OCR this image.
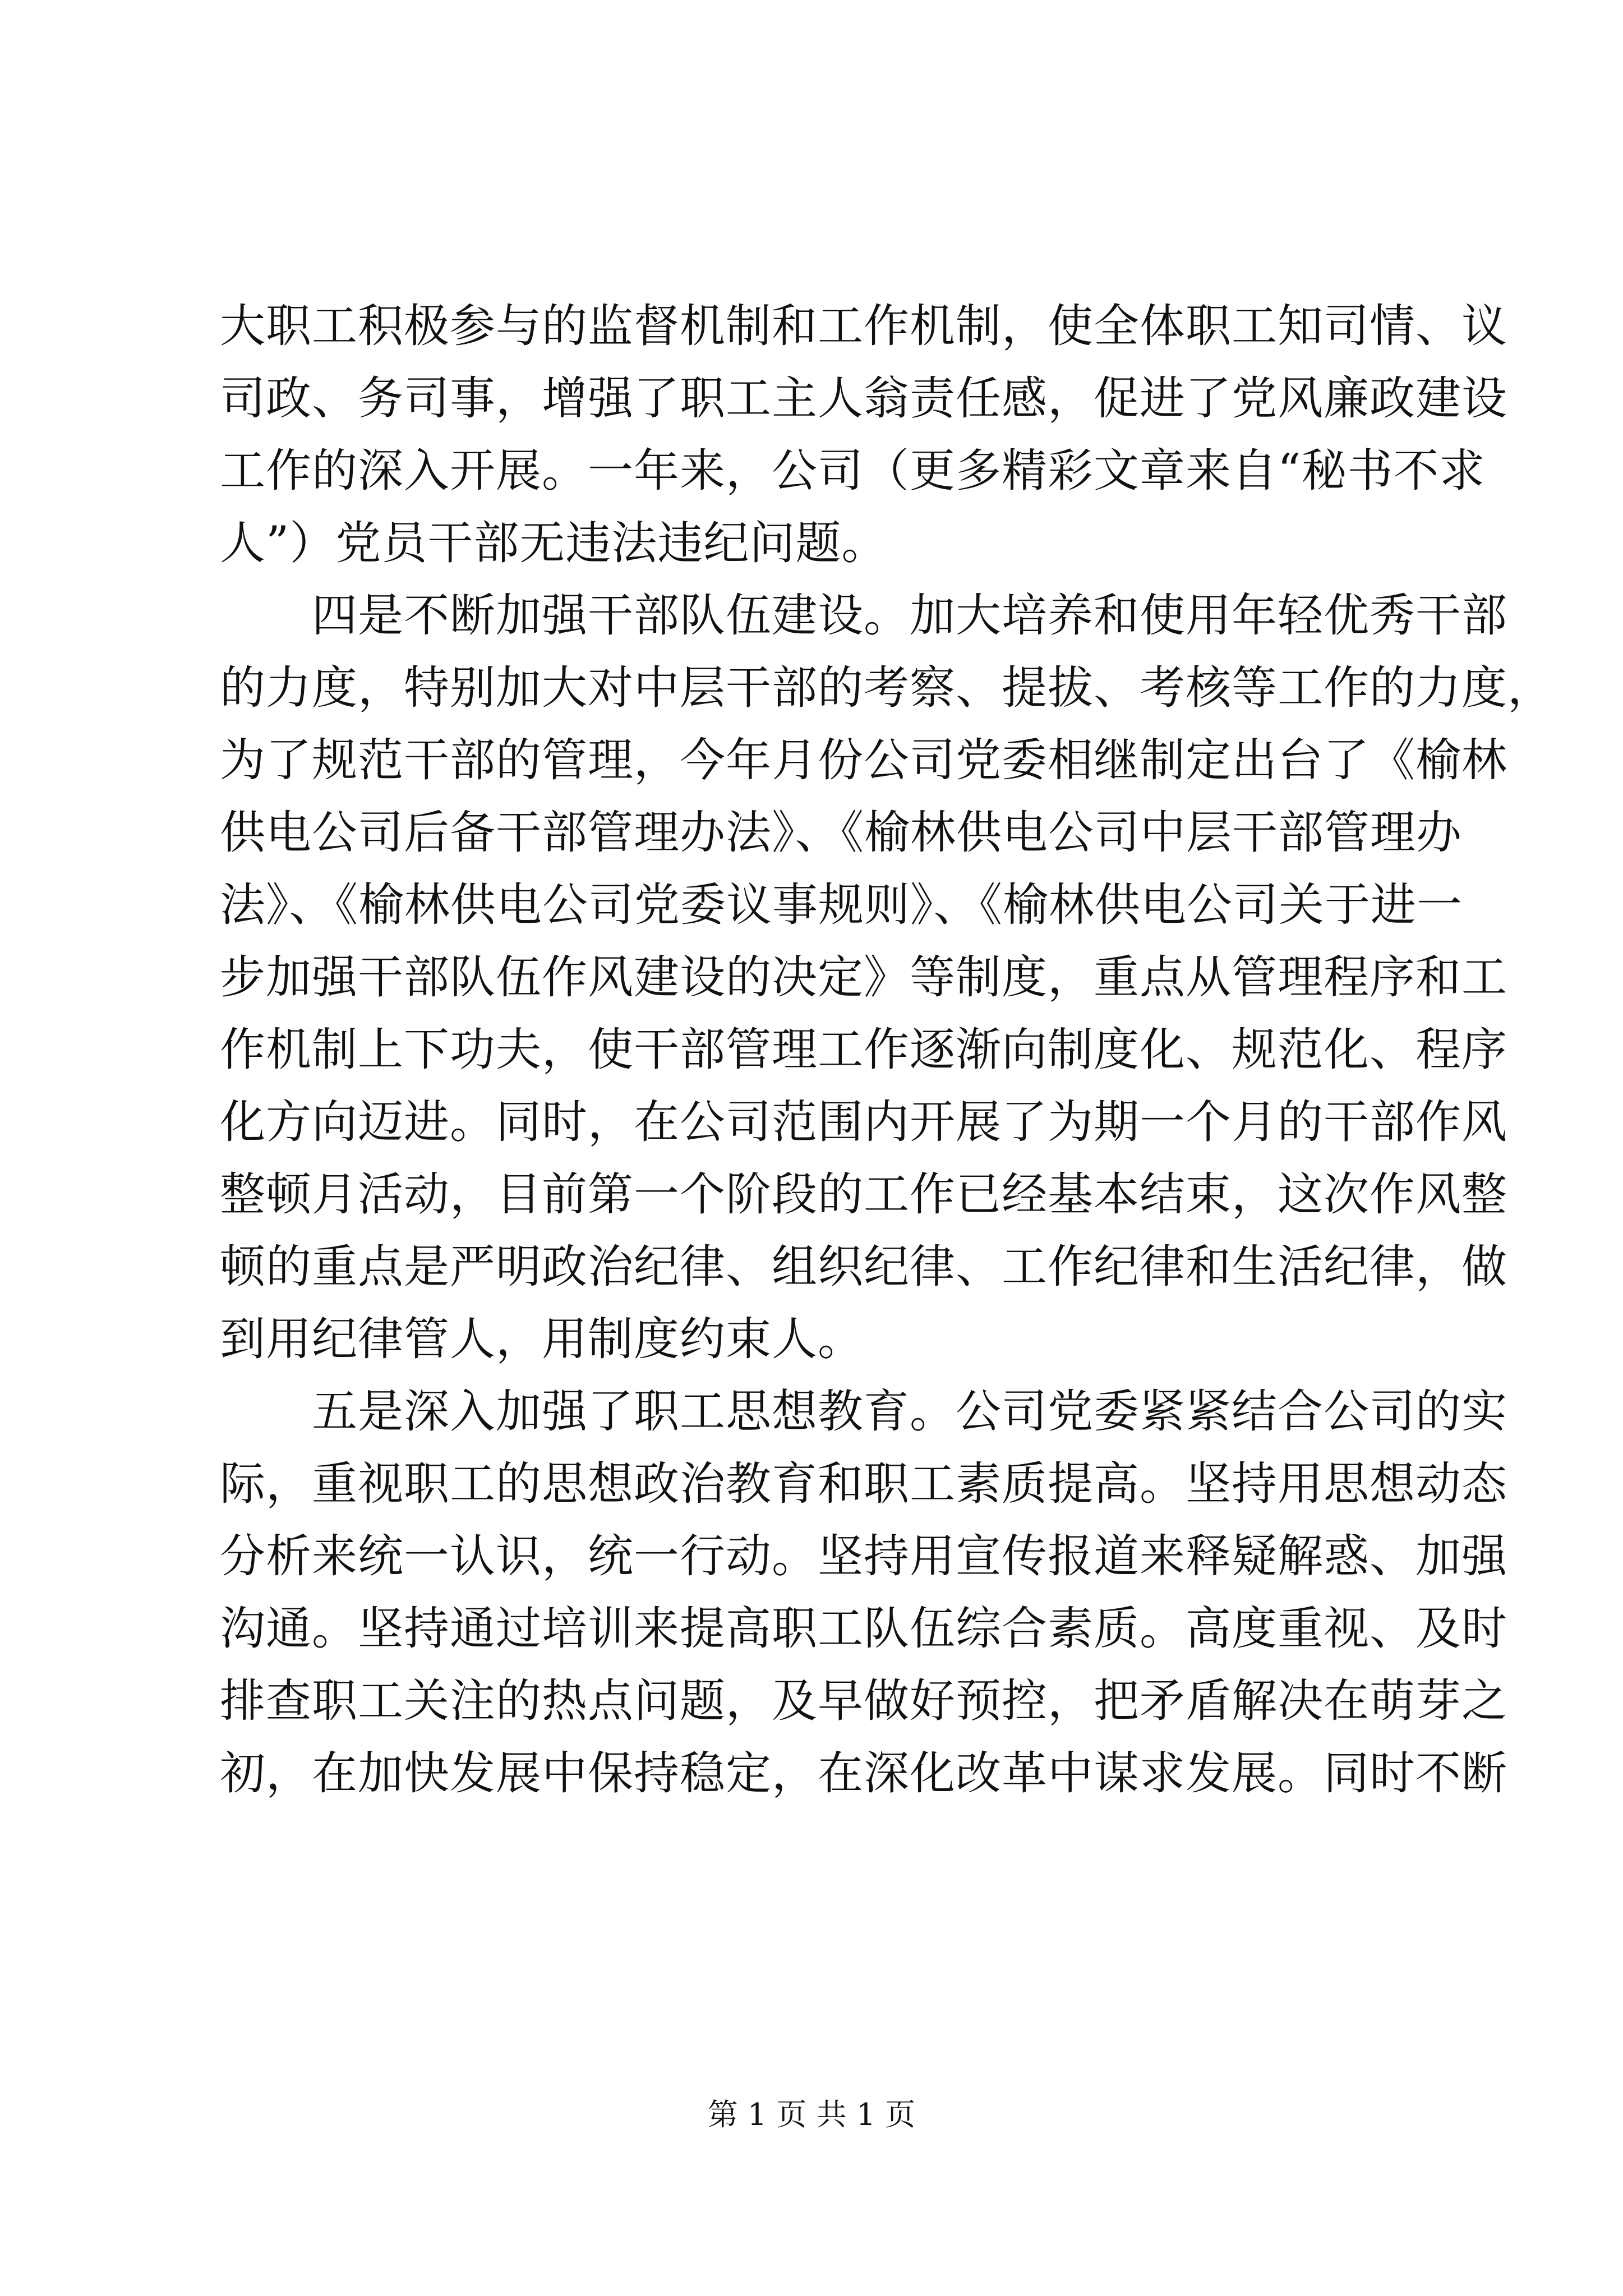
大职工积极参与的监督机制和工作机制，使全体职工知司情、议
司政、务司事，增强了职工主人翁责任感，促进了党风廉政建设
工作的深入开展。一年来，公司（更多精彩文章来自“秘书不求
人”）党员干部无违法违纪问题。
　　四是不断加强干部队伍建设。加大培养和使用年轻优秀干部
的力度，特别加大对中层干部的考察、提拔、考核等工作的力度，
为了规范干部的管理，今年月份公司党委相继制定出台了《榆林
供电公司后备干部管理办法》、《榆林供电公司中层干部管理办
法》、《榆林供电公司党委议事规则》、《榆林供电公司关于进一
步加强干部队伍作风建设的决定》等制度，重点从管理程序和工
作机制上下功夫，使干部管理工作逐渐向制度化、规范化、程序
化方向迈进。同时，在公司范围内开展了为期一个月的干部作风
整顿月活动，目前第一个阶段的工作已经基本结束，这次作风整
顿的重点是严明政治纪律、组织纪律、工作纪律和生活纪律，做
到用纪律管人，用制度约束人。
　　五是深入加强了职工思想教育。公司党委紧紧结合公司的实
际，重视职工的思想政治教育和职工素质提高。坚持用思想动态
分析来统一认识，统一行动。坚持用宣传报道来释疑解惑、加强
沟通。坚持通过培训来提高职工队伍综合素质。高度重视、及时
排查职工关注的热点问题，及早做好预控，把矛盾解决在萌芽之
初，在加快发展中保持稳定，在深化改革中谋求发展。同时不断
第 1 页 共 1 页
